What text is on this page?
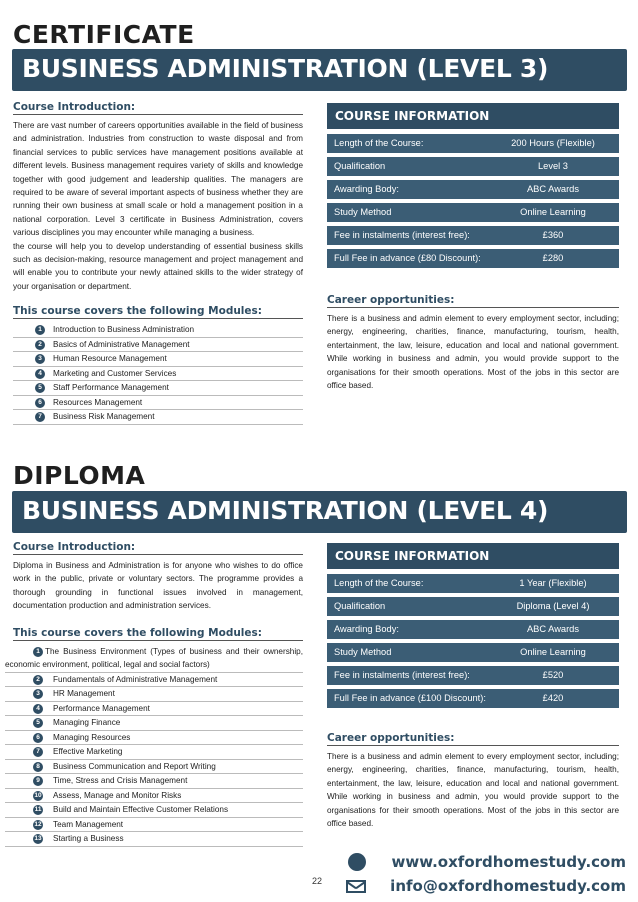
CERTIFICATE
BUSINESS ADMINISTRATION (LEVEL 3)
Course Introduction:

There are vast number of careers opportunities available in the field of business and administration. Industries from construction to waste disposal and from financial services to public services have management positions available at different levels. Business management requires variety of skills and knowledge together with good judgement and leadership qualities. The managers are required to be aware of several important aspects of business whether they are running their own business at small scale or hold a management position in a national corporation. Level 3 certificate in Business Administration, covers various disciplines you may encounter while managing a business.

the course will help you to develop understanding of essential business skills such as decision-making, resource management and project management and will enable you to contribute your newly attained skills to the wider strategy of your organisation or department.

This course covers the following Modules:
1	Introduction to Business Administration
2	Basics of Administrative Management
3	Human Resource Management
4	Marketing and Customer Services
5	Staff Performance Management
6	Resources Management
7	Business Risk Management
COURSE INFORMATION
Length of the Course:	200 Hours (Flexible)
Qualification	Level 3
Awarding Body:	ABC Awards
Study Method	Online Learning
Fee in instalments (interest free):	£360
Full Fee in advance (£80 Discount):	£280
Career opportunities:

There is a business and admin element to every employment sector, including; energy, engineering, charities, finance, manufacturing, tourism, health, entertainment, the law, leisure, education and local and national government. While working in business and admin, you would provide support to the organisations for their smooth operations. Most of the jobs in this sector are office based.

DIPLOMA
BUSINESS ADMINISTRATION (LEVEL 4)
Course Introduction:

Diploma in Business and Administration is for anyone who wishes to do office work in the public, private or voluntary sectors. The programme provides a thorough grounding in functional issues involved in management, documentation production and administration services.

This course covers the following Modules:
1 The Business Environment (Types of business and their ownership, economic environment, political, legal and social factors)
2	Fundamentals of Administrative Management
3	HR Management
4	Performance Management
5	Managing Finance
6	Managing Resources
7	Effective Marketing
8	Business Communication and Report Writing
9	Time, Stress and Crisis Management
10 Assess, Manage and Monitor Risks
11 Build and Maintain Effective Customer Relations
12 Team Management
13 Starting a Business
COURSE INFORMATION
Length of the Course:	1 Year (Flexible)
Qualification	Diploma (Level 4)
Awarding Body:	ABC Awards
Study Method	Online Learning
Fee in instalments (interest free):	£520
Full Fee in advance (£100 Discount):	£420
Career opportunities:

There is a business and admin element to every employment sector, including; energy, engineering, charities, finance, manufacturing, tourism, health, entertainment, the law, leisure, education and local and national government. While working in business and admin, you would provide support to the organisations for their smooth operations. Most of the jobs in this sector are office based.

www.oxfordhomestudy.com
info@oxfordhomestudy.com
22
